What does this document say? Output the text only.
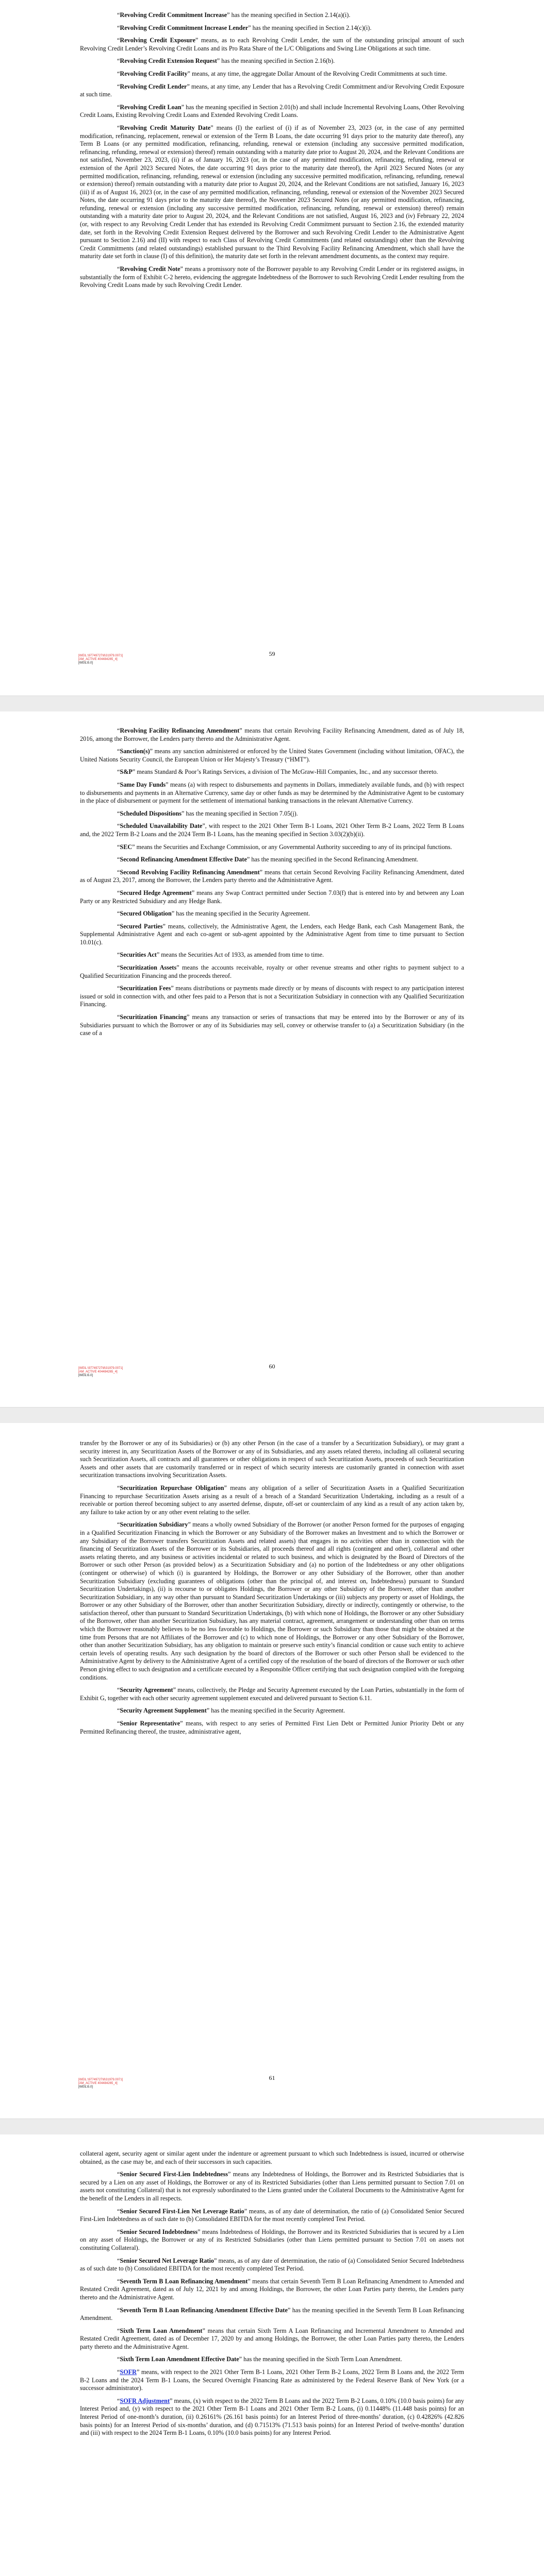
“Revolving Credit Commitment Increase” has the meaning specified in Section 2.14(a)(i).

“Revolving Credit Commitment Increase Lender” has the meaning specified in Section 2.14(c)(i).

“Revolving Credit Exposure” means, as to each Revolving Credit Lender, the sum of the outstanding principal amount of such Revolving Credit Lender’s Revolving Credit Loans and its Pro Rata Share of the L/C Obligations and Swing Line Obligations at such time.

“Revolving Credit Extension Request” has the meaning specified in Section 2.16(b).

“Revolving Credit Facility” means, at any time, the aggregate Dollar Amount of the Revolving Credit Commitments at such time.

“Revolving Credit Lender” means, at any time, any Lender that has a Revolving Credit Commitment and/or Revolving Credit Exposure at such time.

“Revolving Credit Loan” has the meaning specified in Section 2.01(b) and shall include Incremental Revolving Loans, Other Revolving Credit Loans, Existing Revolving Credit Loans and Extended Revolving Credit Loans.

“Revolving Credit Maturity Date” means (I) the earliest of (i) if as of November 23, 2023 (or, in the case of any permitted modification, refinancing, replacement, renewal or extension of the Term B Loans, the date occurring 91 days prior to the maturity date thereof), any Term B Loans (or any permitted modification, refinancing, refunding, renewal or extension (including any successive permitted modification, refinancing, refunding, renewal or extension) thereof) remain outstanding with a maturity date prior to August 20, 2024, and the Relevant Conditions are not satisfied, November 23, 2023, (ii) if as of January 16, 2023 (or, in the case of any permitted modification, refinancing, refunding, renewal or extension of the April 2023 Secured Notes, the date occurring 91 days prior to the maturity date thereof), the April 2023 Secured Notes (or any permitted modification, refinancing, refunding, renewal or extension (including any successive permitted modification, refinancing, refunding, renewal or extension) thereof) remain outstanding with a maturity date prior to August 20, 2024, and the Relevant Conditions are not satisfied, January 16, 2023 (iii) if as of August 16, 2023 (or, in the case of any permitted modification, refinancing, refunding, renewal or extension of the November 2023 Secured Notes, the date occurring 91 days prior to the maturity date thereof), the November 2023 Secured Notes (or any permitted modification, refinancing, refunding, renewal or extension (including any successive permitted modification, refinancing, refunding, renewal or extension) thereof) remain outstanding with a maturity date prior to August 20, 2024, and the Relevant Conditions are not satisfied, August 16, 2023 and (iv) February 22, 2024 (or, with respect to any Revolving Credit Lender that has extended its Revolving Credit Commitment pursuant to Section 2.16, the extended maturity date, set forth in the Revolving Credit Extension Request delivered by the Borrower and such Revolving Credit Lender to the Administrative Agent pursuant to Section 2.16) and (II) with respect to each Class of Revolving Credit Commitments (and related outstandings) other than the Revolving Credit Commitments (and related outstandings) established pursuant to the Third Revolving Facility Refinancing Amendment, which shall have the maturity date set forth in clause (I) of this definition), the maturity date set forth in the relevant amendment documents, as the context may require.

“Revolving Credit Note” means a promissory note of the Borrower payable to any Revolving Credit Lender or its registered assigns, in substantially the form of Exhibit C-2 hereto, evidencing the aggregate Indebtedness of the Borrower to such Revolving Credit Lender resulting from the Revolving Credit Loans made by such Revolving Credit Lender.

[WEIL:\97749727\8\31979.0071]
[AM_ACTIVE 404484265_4]
[WEIL\5.0]
59

“Revolving Facility Refinancing Amendment” means that certain Revolving Facility Refinancing Amendment, dated as of July 18, 2016, among the Borrower, the Lenders party thereto and the Administrative Agent.

“Sanction(s)” means any sanction administered or enforced by the United States Government (including without limitation, OFAC), the United Nations Security Council, the European Union or Her Majesty’s Treasury (“HMT”).

“S&P” means Standard & Poor’s Ratings Services, a division of The McGraw-Hill Companies, Inc., and any successor thereto.

“Same Day Funds” means (a) with respect to disbursements and payments in Dollars, immediately available funds, and (b) with respect to disbursements and payments in an Alternative Currency, same day or other funds as may be determined by the Administrative Agent to be customary in the place of disbursement or payment for the settlement of international banking transactions in the relevant Alternative Currency.

“Scheduled Dispositions” has the meaning specified in Section 7.05(j).

“Scheduled Unavailability Date”, with respect to the 2021 Other Term B-1 Loans, 2021 Other Term B-2 Loans, 2022 Term B Loans and, the 2022 Term B-2 Loans and the 2024 Term B-1 Loans, has the meaning specified in Section 3.03(2)(b)(ii).

“SEC” means the Securities and Exchange Commission, or any Governmental Authority succeeding to any of its principal functions.

“Second Refinancing Amendment Effective Date” has the meaning specified in the Second Refinancing Amendment.

“Second Revolving Facility Refinancing Amendment” means that certain Second Revolving Facility Refinancing Amendment, dated as of August 23, 2017, among the Borrower, the Lenders party thereto and the Administrative Agent.

“Secured Hedge Agreement” means any Swap Contract permitted under Section 7.03(f) that is entered into by and between any Loan Party or any Restricted Subsidiary and any Hedge Bank.

“Secured Obligation” has the meaning specified in the Security Agreement.

“Secured Parties” means, collectively, the Administrative Agent, the Lenders, each Hedge Bank, each Cash Management Bank, the Supplemental Administrative Agent and each co-agent or sub-agent appointed by the Administrative Agent from time to time pursuant to Section 10.01(c).

“Securities Act” means the Securities Act of 1933, as amended from time to time.

“Securitization Assets” means the accounts receivable, royalty or other revenue streams and other rights to payment subject to a Qualified Securitization Financing and the proceeds thereof.

“Securitization Fees” means distributions or payments made directly or by means of discounts with respect to any participation interest issued or sold in connection with, and other fees paid to a Person that is not a Securitization Subsidiary in connection with any Qualified Securitization Financing.

“Securitization Financing” means any transaction or series of transactions that may be entered into by the Borrower or any of its Subsidiaries pursuant to which the Borrower or any of its Subsidiaries may sell, convey or otherwise transfer to (a) a Securitization Subsidiary (in the case of a

[WEIL:\97749727\8\31979.0071]
[AM_ACTIVE 404484265_4]
[WEIL\5.0]
60

transfer by the Borrower or any of its Subsidiaries) or (b) any other Person (in the case of a transfer by a Securitization Subsidiary), or may grant a security interest in, any Securitization Assets of the Borrower or any of its Subsidiaries, and any assets related thereto, including all collateral securing such Securitization Assets, all contracts and all guarantees or other obligations in respect of such Securitization Assets, proceeds of such Securitization Assets and other assets that are customarily transferred or in respect of which security interests are customarily granted in connection with asset securitization transactions involving Securitization Assets.

“Securitization Repurchase Obligation” means any obligation of a seller of Securitization Assets in a Qualified Securitization Financing to repurchase Securitization Assets arising as a result of a breach of a Standard Securitization Undertaking, including as a result of a receivable or portion thereof becoming subject to any asserted defense, dispute, off-set or counterclaim of any kind as a result of any action taken by, any failure to take action by or any other event relating to the seller.

“Securitization Subsidiary” means a wholly owned Subsidiary of the Borrower (or another Person formed for the purposes of engaging in a Qualified Securitization Financing in which the Borrower or any Subsidiary of the Borrower makes an Investment and to which the Borrower or any Subsidiary of the Borrower transfers Securitization Assets and related assets) that engages in no activities other than in connection with the financing of Securitization Assets of the Borrower or its Subsidiaries, all proceeds thereof and all rights (contingent and other), collateral and other assets relating thereto, and any business or activities incidental or related to such business, and which is designated by the Board of Directors of the Borrower or such other Person (as provided below) as a Securitization Subsidiary and (a) no portion of the Indebtedness or any other obligations (contingent or otherwise) of which (i) is guaranteed by Holdings, the Borrower or any other Subsidiary of the Borrower, other than another Securitization Subsidiary (excluding guarantees of obligations (other than the principal of, and interest on, Indebtedness) pursuant to Standard Securitization Undertakings), (ii) is recourse to or obligates Holdings, the Borrower or any other Subsidiary of the Borrower, other than another Securitization Subsidiary, in any way other than pursuant to Standard Securitization Undertakings or (iii) subjects any property or asset of Holdings, the Borrower or any other Subsidiary of the Borrower, other than another Securitization Subsidiary, directly or indirectly, contingently or otherwise, to the satisfaction thereof, other than pursuant to Standard Securitization Undertakings, (b) with which none of Holdings, the Borrower or any other Subsidiary of the Borrower, other than another Securitization Subsidiary, has any material contract, agreement, arrangement or understanding other than on terms which the Borrower reasonably believes to be no less favorable to Holdings, the Borrower or such Subsidiary than those that might be obtained at the time from Persons that are not Affiliates of the Borrower and (c) to which none of Holdings, the Borrower or any other Subsidiary of the Borrower, other than another Securitization Subsidiary, has any obligation to maintain or preserve such entity’s financial condition or cause such entity to achieve certain levels of operating results. Any such designation by the board of directors of the Borrower or such other Person shall be evidenced to the Administrative Agent by delivery to the Administrative Agent of a certified copy of the resolution of the board of directors of the Borrower or such other Person giving effect to such designation and a certificate executed by a Responsible Officer certifying that such designation complied with the foregoing conditions.

“Security Agreement” means, collectively, the Pledge and Security Agreement executed by the Loan Parties, substantially in the form of Exhibit G, together with each other security agreement supplement executed and delivered pursuant to Section 6.11.

“Security Agreement Supplement” has the meaning specified in the Security Agreement.

“Senior Representative” means, with respect to any series of Permitted First Lien Debt or Permitted Junior Priority Debt or any Permitted Refinancing thereof, the trustee, administrative agent,

[WEIL:\97749727\8\31979.0071]
[AM_ACTIVE 404484265_4]
[WEIL\5.0]
61

collateral agent, security agent or similar agent under the indenture or agreement pursuant to which such Indebtedness is issued, incurred or otherwise obtained, as the case may be, and each of their successors in such capacities.

“Senior Secured First-Lien Indebtedness” means any Indebtedness of Holdings, the Borrower and its Restricted Subsidiaries that is secured by a Lien on any asset of Holdings, the Borrower or any of its Restricted Subsidiaries (other than Liens permitted pursuant to Section 7.01 on assets not constituting Collateral) that is not expressly subordinated to the Liens granted under the Collateral Documents to the Administrative Agent for the benefit of the Lenders in all respects.

“Senior Secured First-Lien Net Leverage Ratio” means, as of any date of determination, the ratio of (a) Consolidated Senior Secured First-Lien Indebtedness as of such date to (b) Consolidated EBITDA for the most recently completed Test Period.

“Senior Secured Indebtedness” means Indebtedness of Holdings, the Borrower and its Restricted Subsidiaries that is secured by a Lien on any asset of Holdings, the Borrower or any of its Restricted Subsidiaries (other than Liens permitted pursuant to Section 7.01 on assets not constituting Collateral).

“Senior Secured Net Leverage Ratio” means, as of any date of determination, the ratio of (a) Consolidated Senior Secured Indebtedness as of such date to (b) Consolidated EBITDA for the most recently completed Test Period.

“Seventh Term B Loan Refinancing Amendment” means that certain Seventh Term B Loan Refinancing Amendment to Amended and Restated Credit Agreement, dated as of July 12, 2021 by and among Holdings, the Borrower, the other Loan Parties party thereto, the Lenders party thereto and the Administrative Agent.

“Seventh Term B Loan Refinancing Amendment Effective Date” has the meaning specified in the Seventh Term B Loan Refinancing Amendment.

“Sixth Term Loan Amendment” means that certain Sixth Term A Loan Refinancing and Incremental Amendment to Amended and Restated Credit Agreement, dated as of December 17, 2020 by and among Holdings, the Borrower, the other Loan Parties party thereto, the Lenders party thereto and the Administrative Agent.

“Sixth Term Loan Amendment Effective Date” has the meaning specified in the Sixth Term Loan Amendment.

“SOFR” means, with respect to the 2021 Other Term B-1 Loans, 2021 Other Term B-2 Loans, 2022 Term B Loans and, the 2022 Term B-2 Loans and the 2024 Term B-1 Loans, the Secured Overnight Financing Rate as administered by the Federal Reserve Bank of New York (or a successor administrator).

“SOFR Adjustment” means, (x) with respect to the 2022 Term B Loans and the 2022 Term B-2 Loans, 0.10% (10.0 basis points) for any Interest Period and, (y) with respect to the 2021 Other Term B-1 Loans and 2021 Other Term B-2 Loans, (i) 0.11448% (11.448 basis points) for an Interest Period of one-month’s duration, (ii) 0.26161% (26.161 basis points) for an Interest Period of three-months’ duration, (c) 0.42826% (42.826 basis points) for an Interest Period of six-months’ duration, and (d) 0.71513% (71.513 basis points) for an Interest Period of twelve-months’ duration and (iii) with respect to the 2024 Term B-1 Loans, 0.10% (10.0 basis points) for any Interest Period.
